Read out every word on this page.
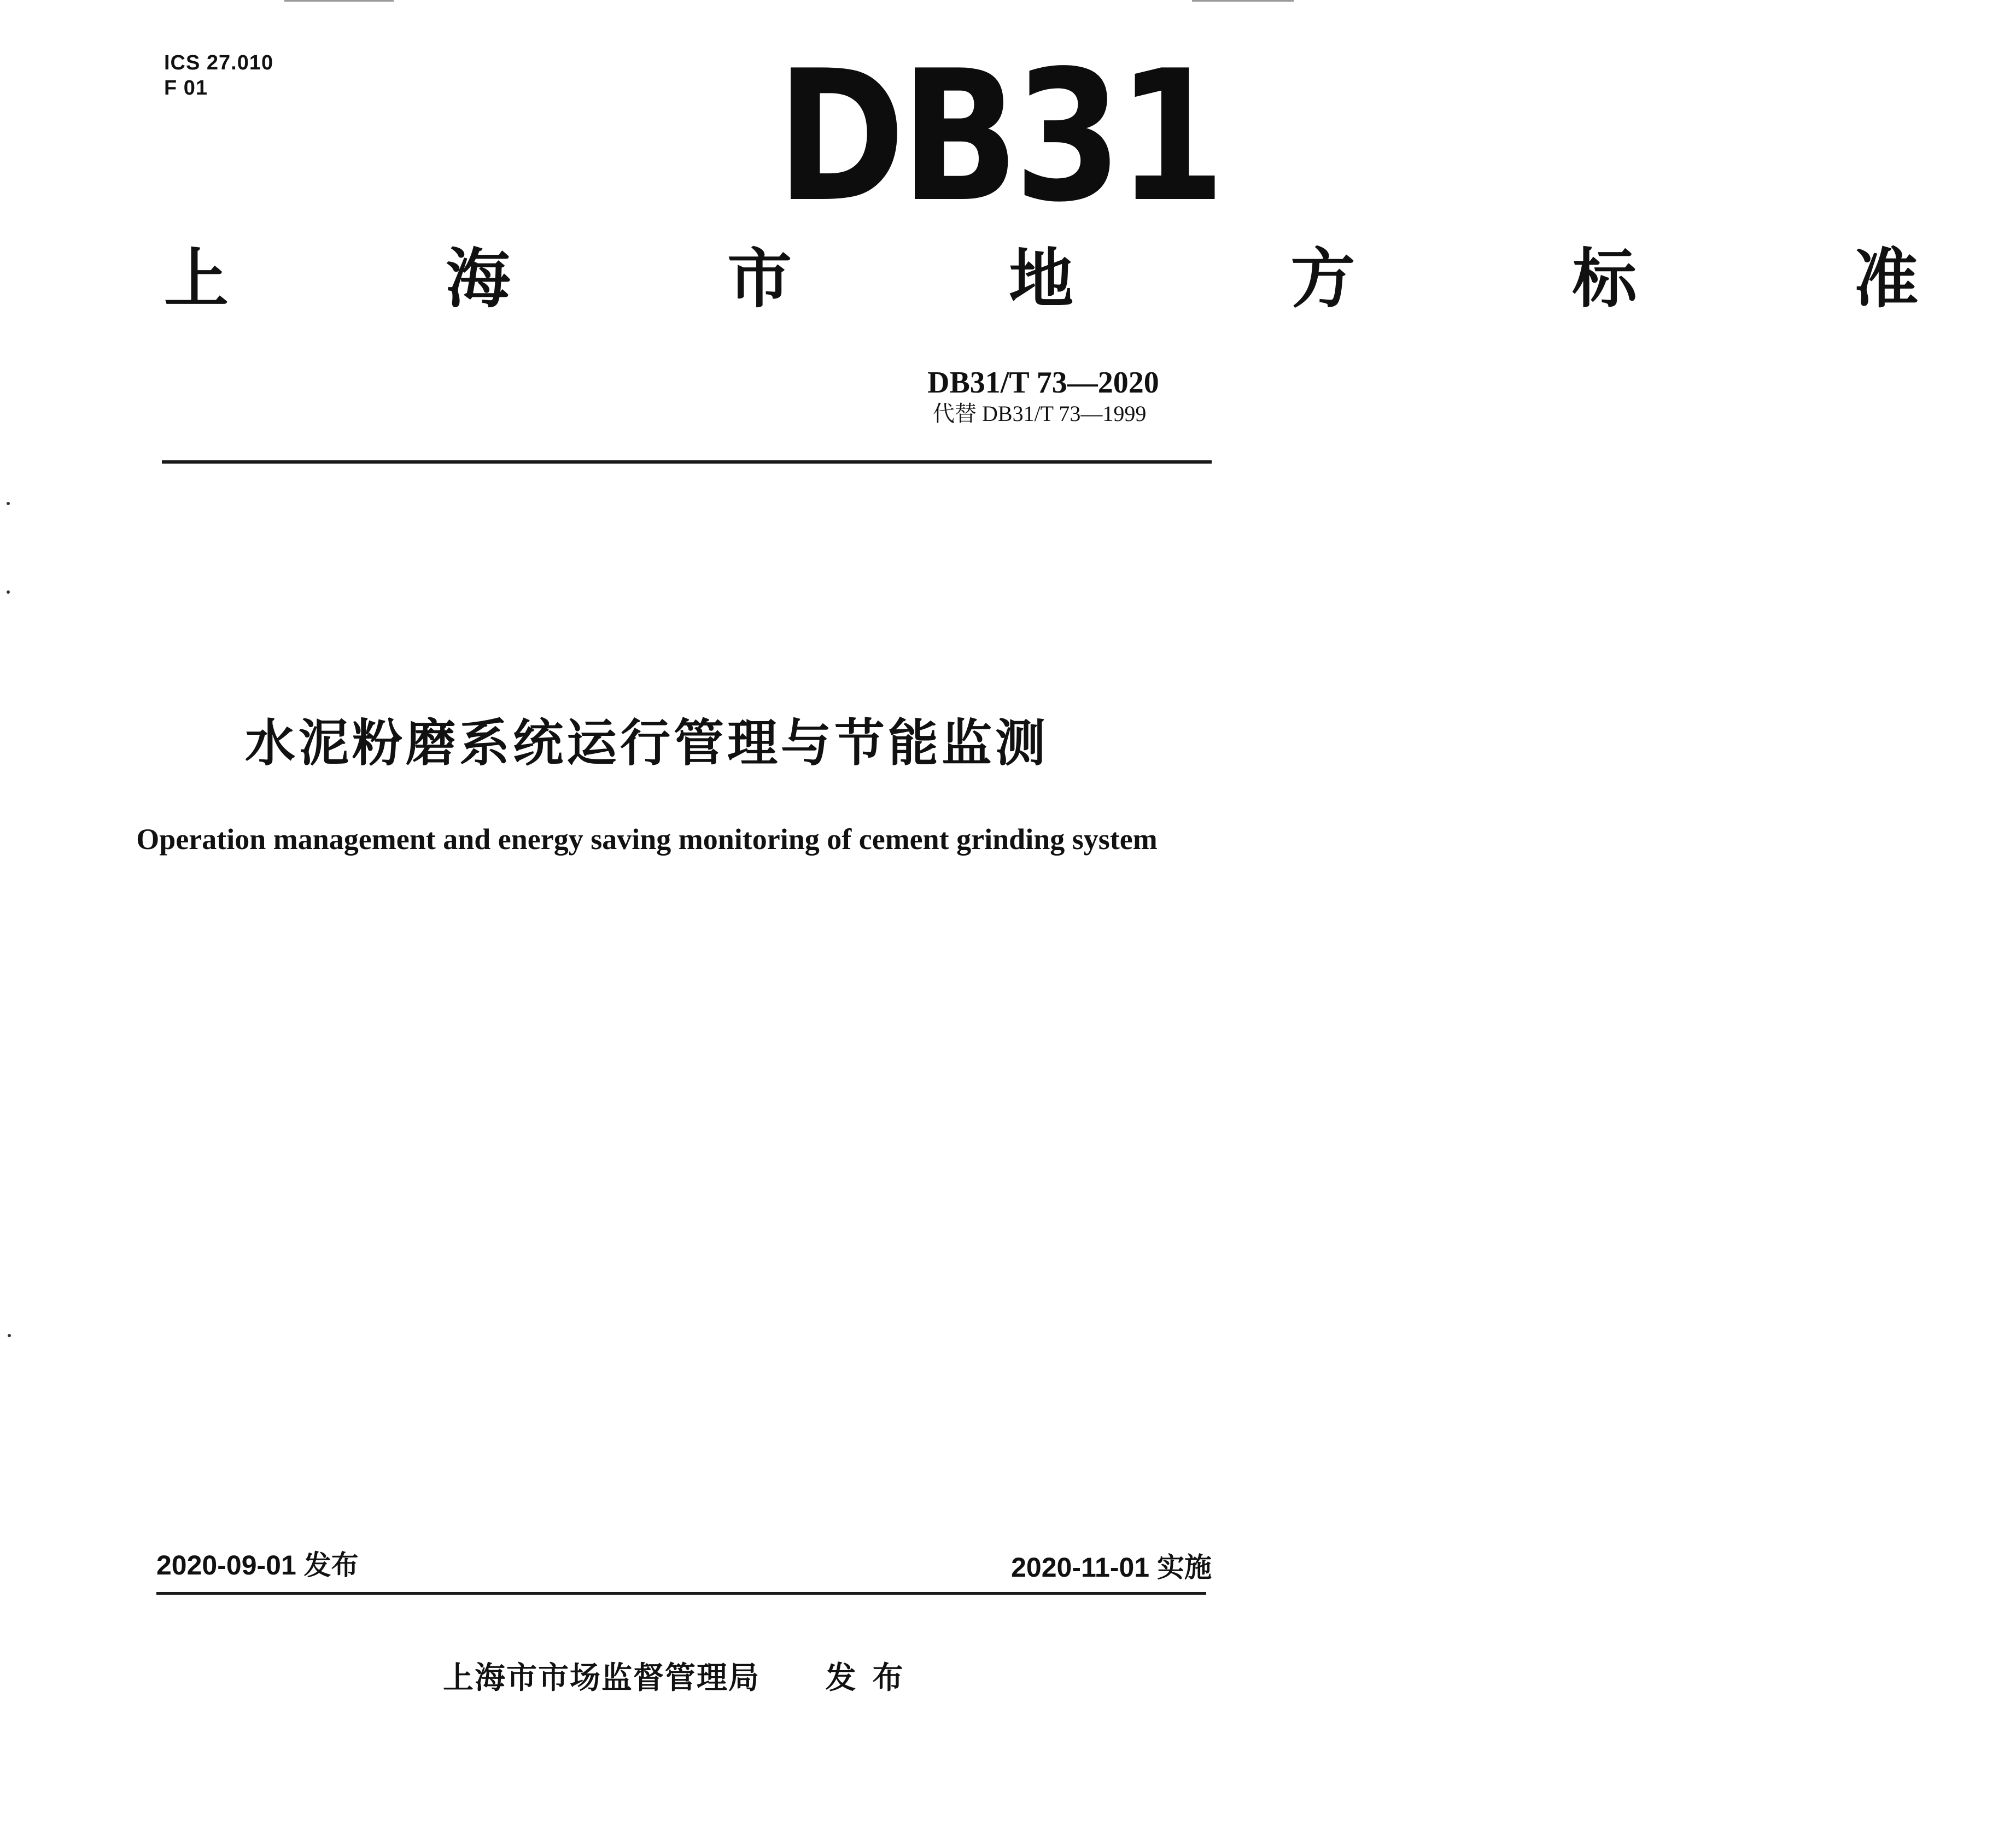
ICS 27.010
F 01	DB31
上 海 市 地 方 标 准
DB31/T 73—2020
代替 DB31/T 73—1999
水泥粉磨系统运行管理与节能监测
Operation management and energy saving monitoring of cement grinding system
2020-09-01 发布	2020-11-01 实施
上海市市场监督管理局 发布
